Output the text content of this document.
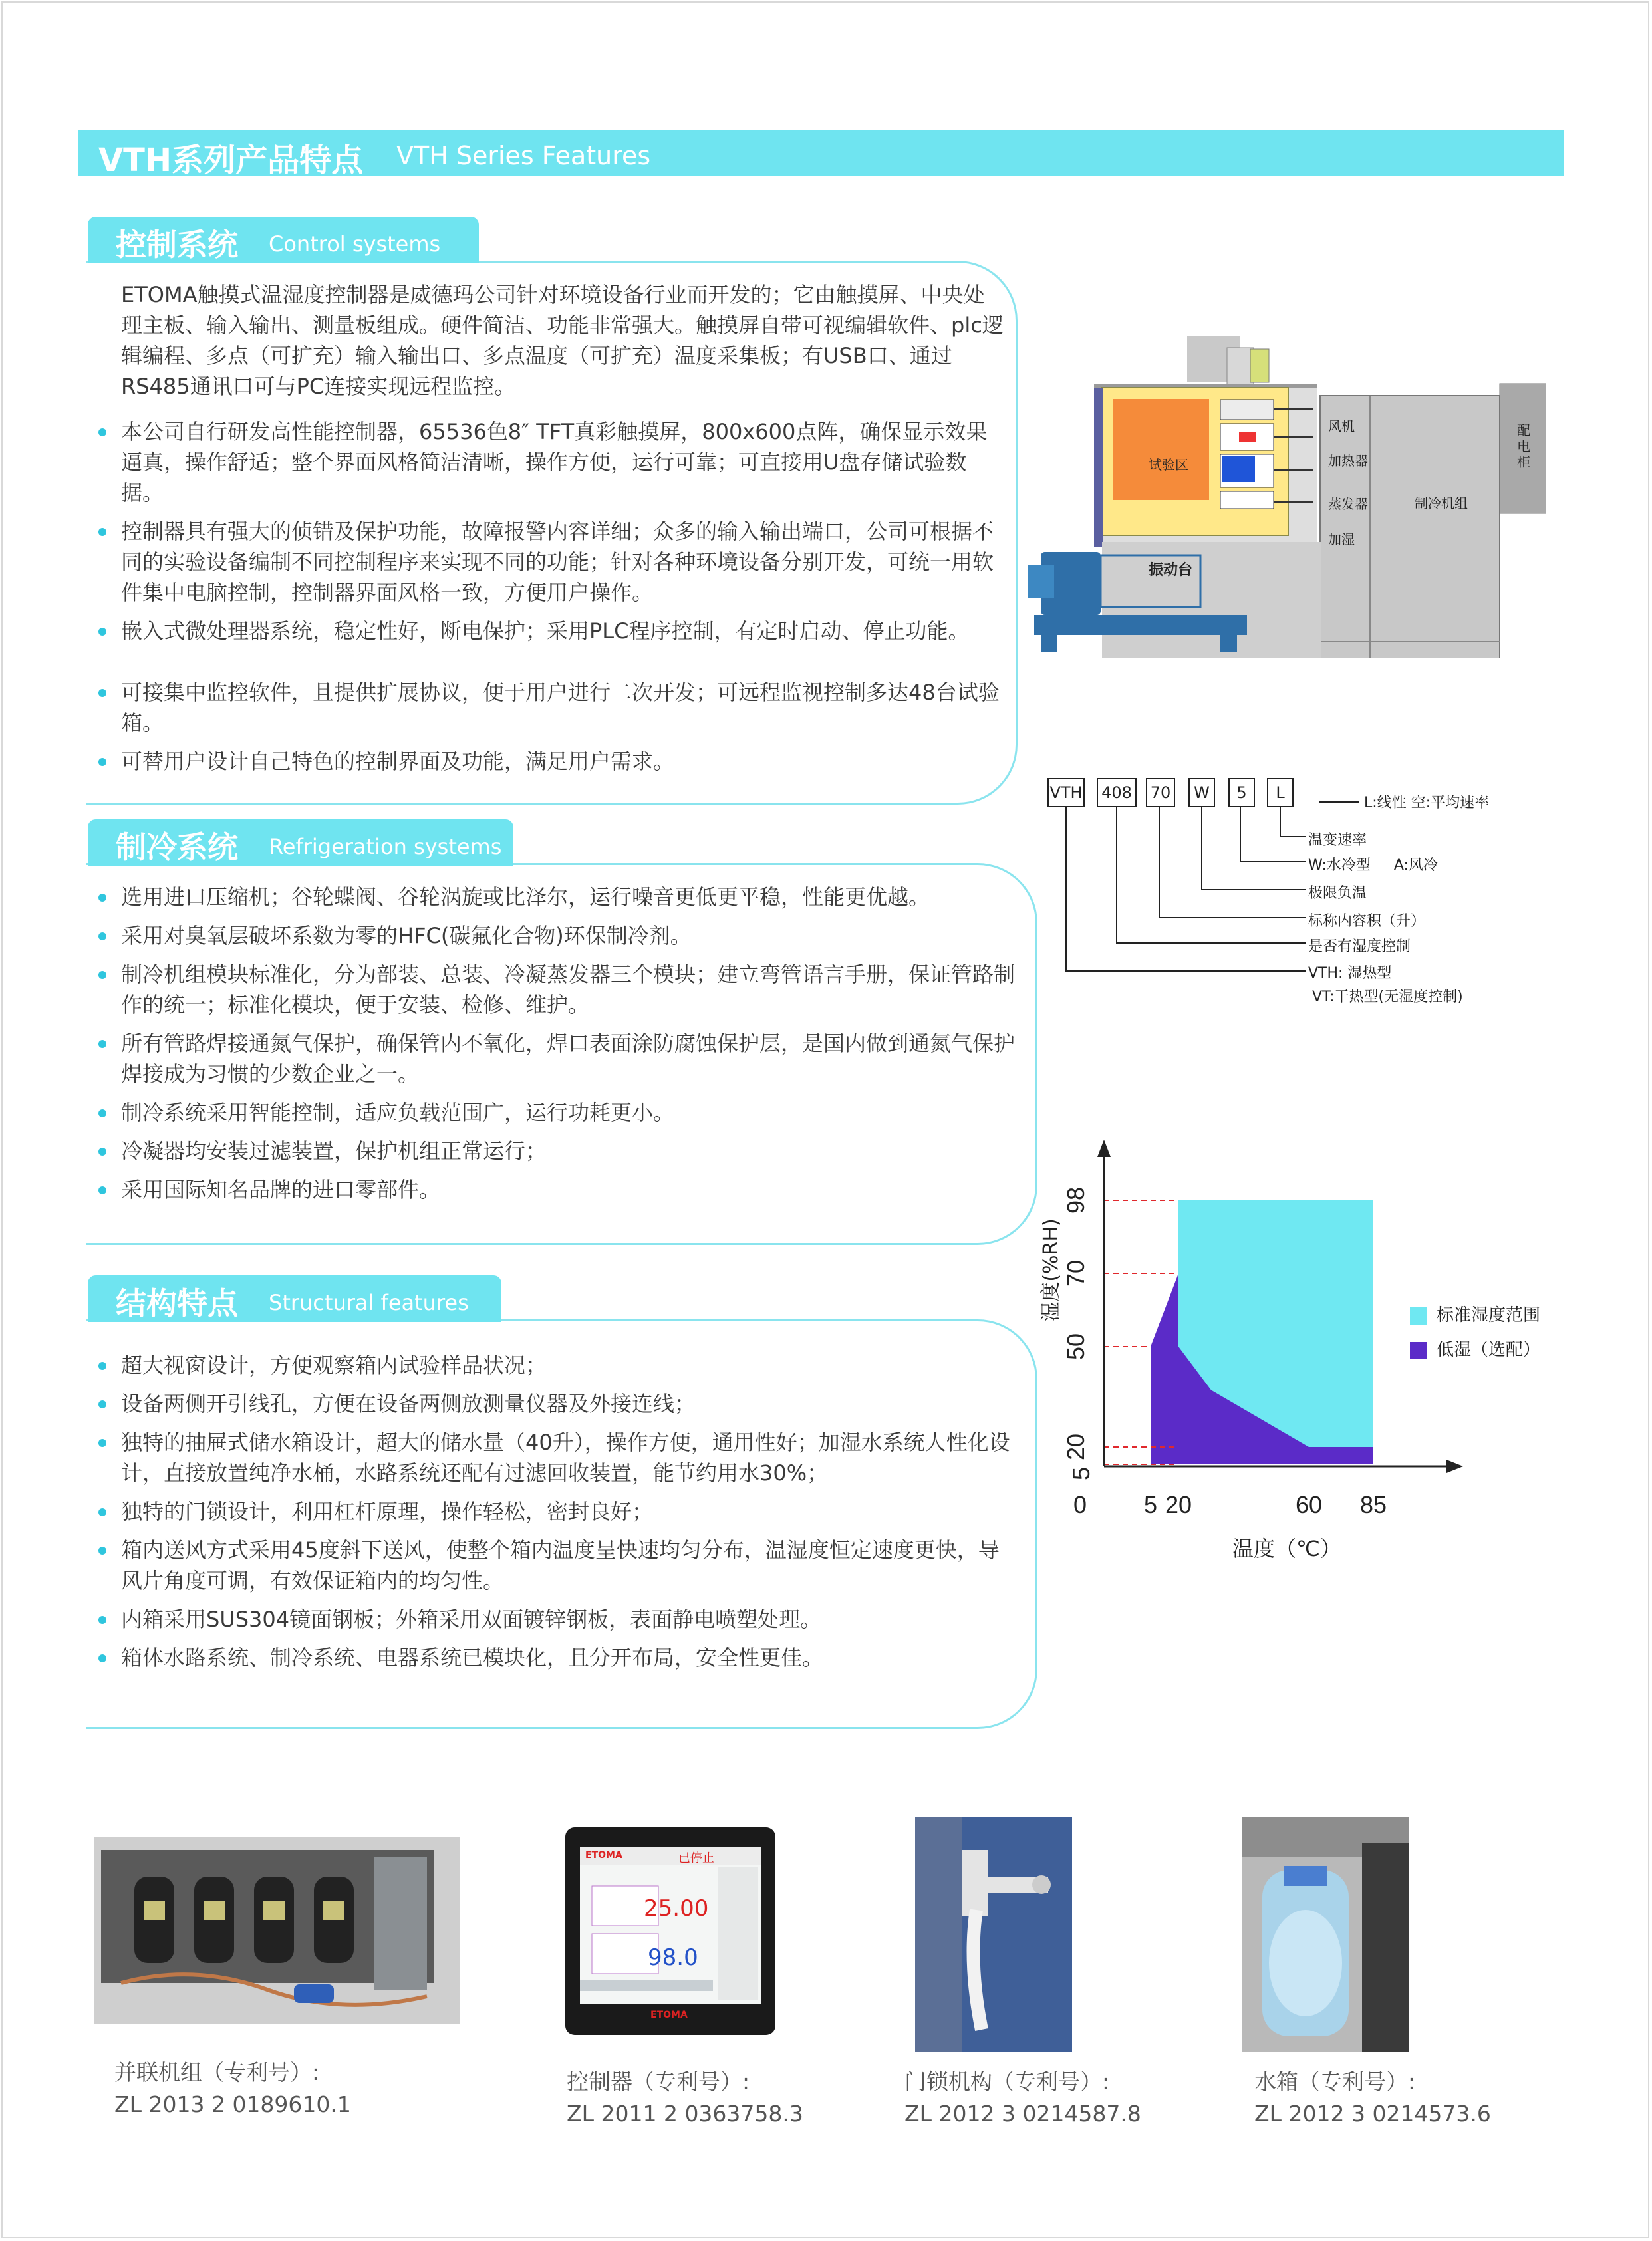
VTH系列产品特点 VTH Series Features
控制系统 Control systems
ETOMA触摸式温湿度控制器是威德玛公司针对环境设备行业而开发的；它由触摸屏、中央处理主板、输入输出、测量板组成。硬件简洁、功能非常强大。触摸屏自带可视编辑软件、plc逻辑编程、多点（可扩充）输入输出口、多点温度（可扩充）温度采集板；有USB口、通过RS485通讯口可与PC连接实现远程监控。
本公司自行研发高性能控制器，65536色8″ TFT真彩触摸屏，800x600点阵，确保显示效果逼真，操作舒适；整个界面风格简洁清晰，操作方便，运行可靠；可直接用U盘存储试验数据。
控制器具有强大的侦错及保护功能，故障报警内容详细；众多的输入输出端口，公司可根据不同的实验设备编制不同控制程序来实现不同的功能；针对各种环境设备分别开发，可统一用软件集中电脑控制，控制器界面风格一致，方便用户操作。
嵌入式微处理器系统，稳定性好，断电保护；采用PLC程序控制，有定时启动、停止功能。
可接集中监控软件，且提供扩展协议，便于用户进行二次开发；可远程监视控制多达48台试验箱。
可替用户设计自己特色的控制界面及功能，满足用户需求。
制冷系统 Refrigeration systems
选用进口压缩机；谷轮蝶阀、谷轮涡旋或比泽尔，运行噪音更低更平稳，性能更优越。
采用对臭氧层破坏系数为零的HFC(碳氟化合物)环保制冷剂。
制冷机组模块标准化，分为部装、总装、冷凝蒸发器三个模块；建立弯管语言手册，保证管路制作的统一；标准化模块，便于安装、检修、维护。
所有管路焊接通氮气保护，确保管内不氧化，焊口表面涂防腐蚀保护层，是国内做到通氮气保护焊接成为习惯的少数企业之一。
制冷系统采用智能控制，适应负载范围广，运行功耗更小。
冷凝器均安装过滤装置，保护机组正常运行；
采用国际知名品牌的进口零部件。
结构特点 Structural features
超大视窗设计，方便观察箱内试验样品状况；
设备两侧开引线孔，方便在设备两侧放测量仪器及外接连线；
独特的抽屉式储水箱设计，超大的储水量（40升），操作方便，通用性好；加湿水系统人性化设计，直接放置纯净水桶，水路系统还配有过滤回收装置，能节约用水30%；
独特的门锁设计，利用杠杆原理，操作轻松，密封良好；
箱内送风方式采用45度斜下送风，使整个箱内温度呈快速均匀分布，温湿度恒定速度更快，导风片角度可调，有效保证箱内的均匀性。
内箱采用SUS304镜面钢板；外箱采用双面镀锌钢板，表面静电喷塑处理。
箱体水路系统、制冷系统、电器系统已模块化，且分开布局，安全性更佳。
试验区
风机
加热器
蒸发器
加湿
制冷机组
配
电
柜
振动台
VTH 408 70	W	5	L
L:线性 空:平均速率
温变速率
W:水冷型     A:风冷
极限负温
标称内容积（升）
是否有湿度控制
VTH: 湿热型
VT:干热型(无湿度控制)
0 5 20	60 85
5
20
50
70
98
湿度(%RH)
温度（℃）
标准湿度范围
低湿（选配）
ETOMA	已停止
25.00
98.0
ETOMA
并联机组（专利号）:
ZL 2013 2 0189610.1
控制器（专利号）:
ZL 2011 2 0363758.3
门锁机构（专利号）:
ZL 2012 3 0214587.8
水箱（专利号）:
ZL 2012 3 0214573.6
